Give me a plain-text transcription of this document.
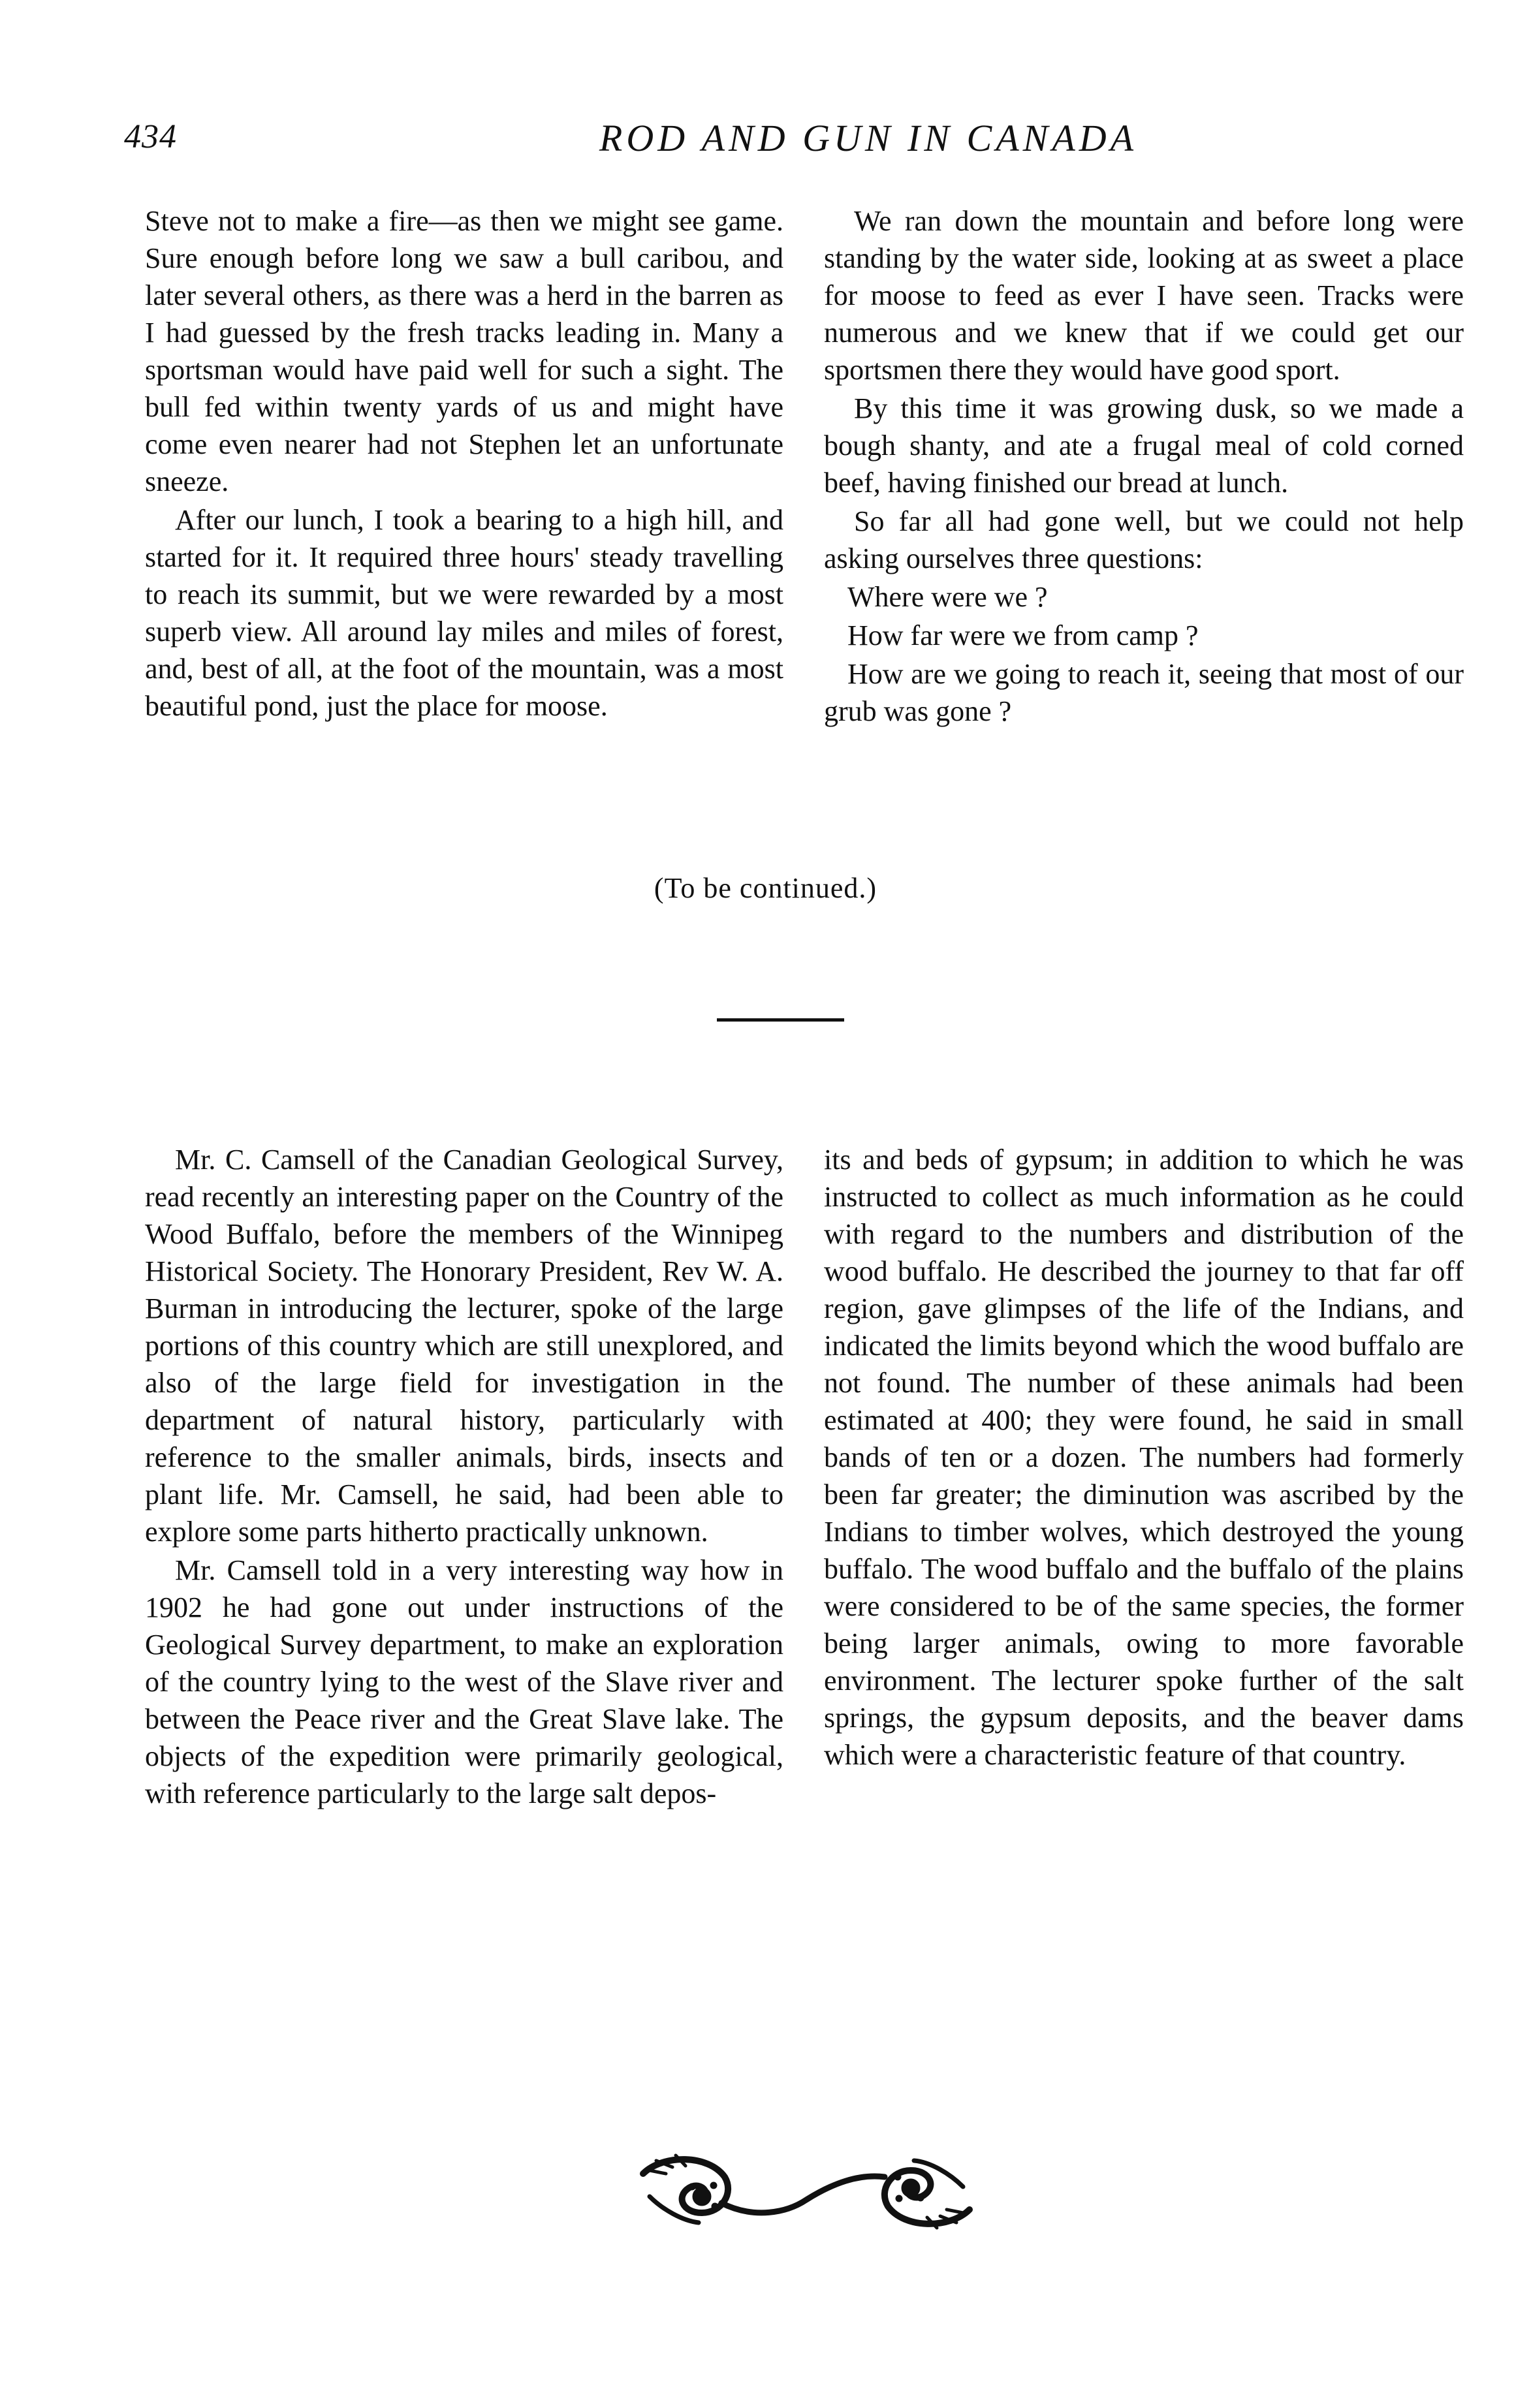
434	ROD AND GUN IN CANADA

Steve not to make a fire—as then we might see game. Sure enough before long we saw a bull caribou, and later several others, as there was a herd in the barren as I had guessed by the fresh tracks leading in. Many a sportsman would have paid well for such a sight. The bull fed within twenty yards of us and might have come even nearer had not Stephen let an unfortunate sneeze.

After our lunch, I took a bearing to a high hill, and started for it. It required three hours' steady travelling to reach its summit, but we were rewarded by a most superb view. All around lay miles and miles of forest, and, best of all, at the foot of the mountain, was a most beautiful pond, just the place for moose.

We ran down the mountain and before long were standing by the water side, looking at as sweet a place for moose to feed as ever I have seen. Tracks were numerous and we knew that if we could get our sportsmen there they would have good sport.

By this time it was growing dusk, so we made a bough shanty, and ate a frugal meal of cold corned beef, having finished our bread at lunch.

So far all had gone well, but we could not help asking ourselves three questions:

Where were we ?

How far were we from camp ?

How are we going to reach it, seeing that most of our grub was gone ?

(To be continued.)

Mr. C. Camsell of the Canadian Geological Survey, read recently an interesting paper on the Country of the Wood Buffalo, before the members of the Winnipeg Historical Society. The Honorary President, Rev W. A. Burman in introducing the lecturer, spoke of the large portions of this country which are still unexplored, and also of the large field for investigation in the department of natural history, particularly with reference to the smaller animals, birds, insects and plant life. Mr. Camsell, he said, had been able to explore some parts hitherto practically unknown.

Mr. Camsell told in a very interesting way how in 1902 he had gone out under instructions of the Geological Survey department, to make an exploration of the country lying to the west of the Slave river and between the Peace river and the Great Slave lake. The objects of the expedition were primarily geological, with reference particularly to the large salt depos-

its and beds of gypsum; in addition to which he was instructed to collect as much information as he could with regard to the numbers and distribution of the wood buffalo. He described the journey to that far off region, gave glimpses of the life of the Indians, and indicated the limits beyond which the wood buffalo are not found. The number of these animals had been estimated at 400; they were found, he said in small bands of ten or a dozen. The numbers had formerly been far greater; the diminution was ascribed by the Indians to timber wolves, which destroyed the young buffalo. The wood buffalo and the buffalo of the plains were considered to be of the same species, the former being larger animals, owing to more favorable environment. The lecturer spoke further of the salt springs, the gypsum deposits, and the beaver dams which were a characteristic feature of that country.
